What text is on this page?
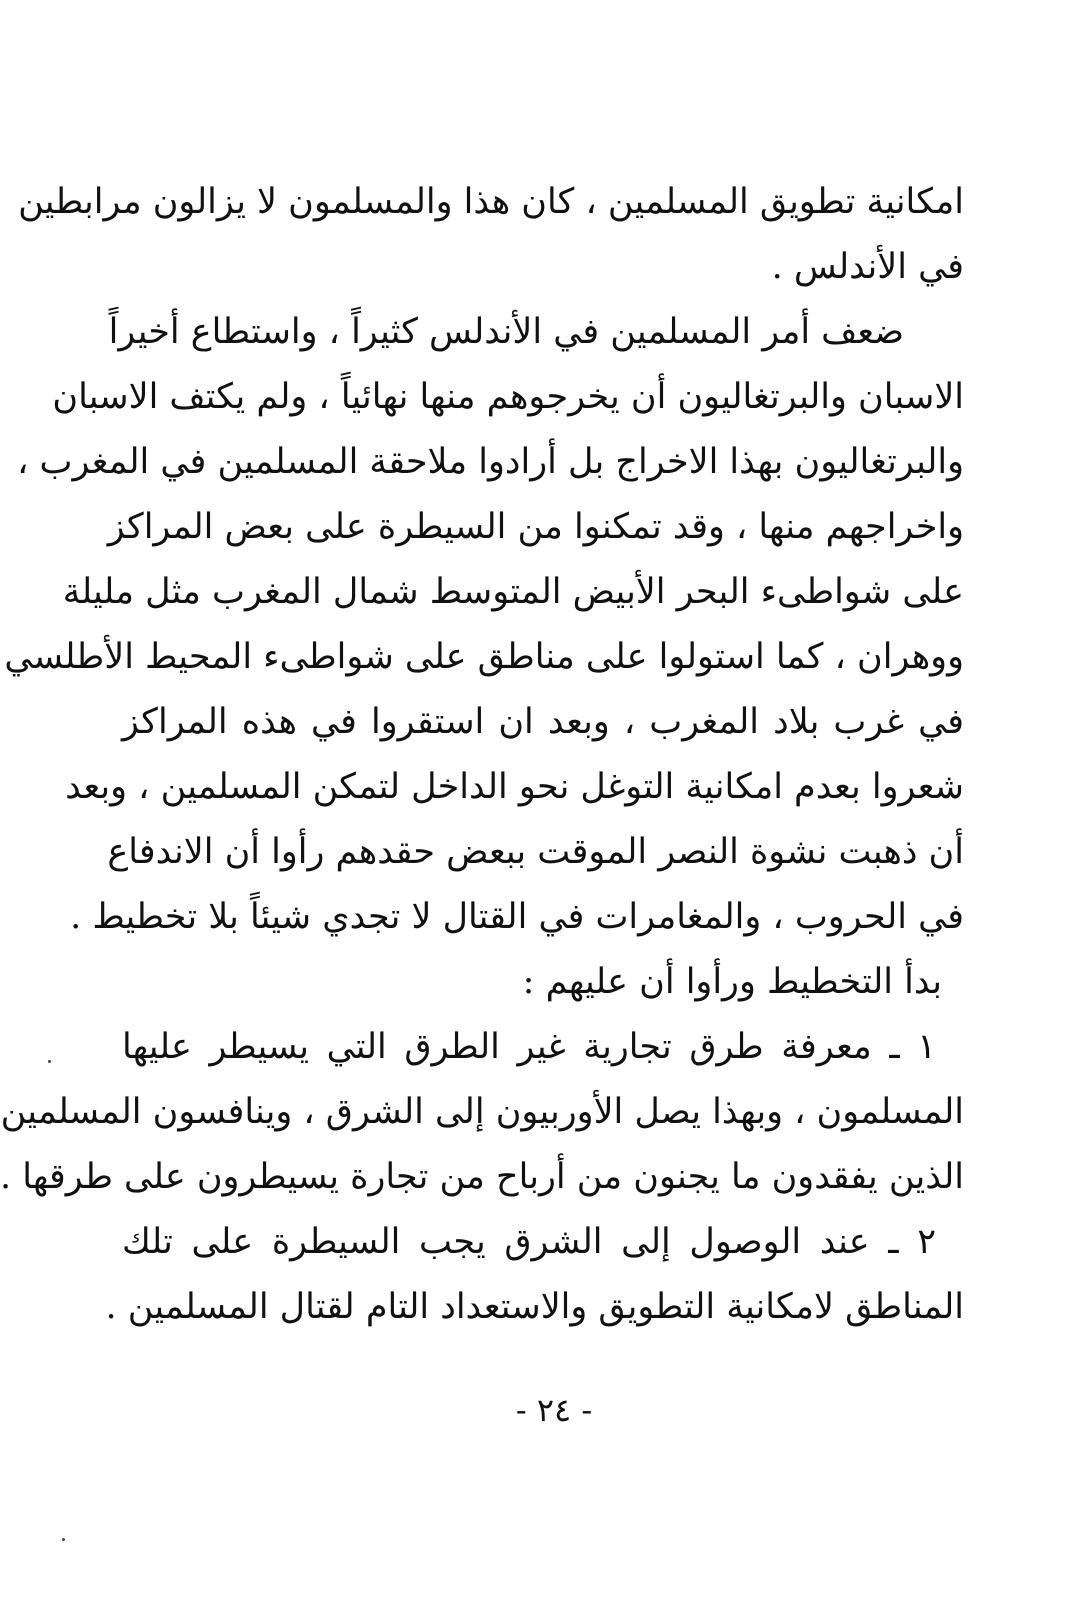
امكانية تطويق المسلمين ، كان هذا والمسلمون لا يزالون مرابطين
في الأندلس .
ضعف أمر المسلمين في الأندلس كثيراً ، واستطاع أخيراً
الاسبان والبرتغاليون أن يخرجوهم منها نهائياً ، ولم يكتف الاسبان
والبرتغاليون بهذا الاخراج بل أرادوا ملاحقة المسلمين في المغرب ،
واخراجهم منها ، وقد تمكنوا من السيطرة على بعض المراكز
على شواطىء البحر الأبيض المتوسط شمال المغرب مثل مليلة
ووهران ، كما استولوا على مناطق على شواطىء المحيط الأطلسي
في غرب بلاد المغرب ، وبعد ان استقروا في هذه المراكز
شعروا بعدم امكانية التوغل نحو الداخل لتمكن المسلمين ، وبعد
أن ذهبت نشوة النصر الموقت ببعض حقدهم رأوا أن الاندفاع
في الحروب ، والمغامرات في القتال لا تجدي شيئاً بلا تخطيط .
بدأ التخطيط ورأوا أن عليهم :
١ ـ معرفة طرق تجارية غير الطرق التي يسيطر عليها
المسلمون ، وبهذا يصل الأوربيون إلى الشرق ، وينافسون المسلمين
الذين يفقدون ما يجنون من أرباح من تجارة يسيطرون على طرقها .
٢ ـ عند الوصول إلى الشرق يجب السيطرة على تلك
المناطق لامكانية التطويق والاستعداد التام لقتال المسلمين .
- ٢٤ -
